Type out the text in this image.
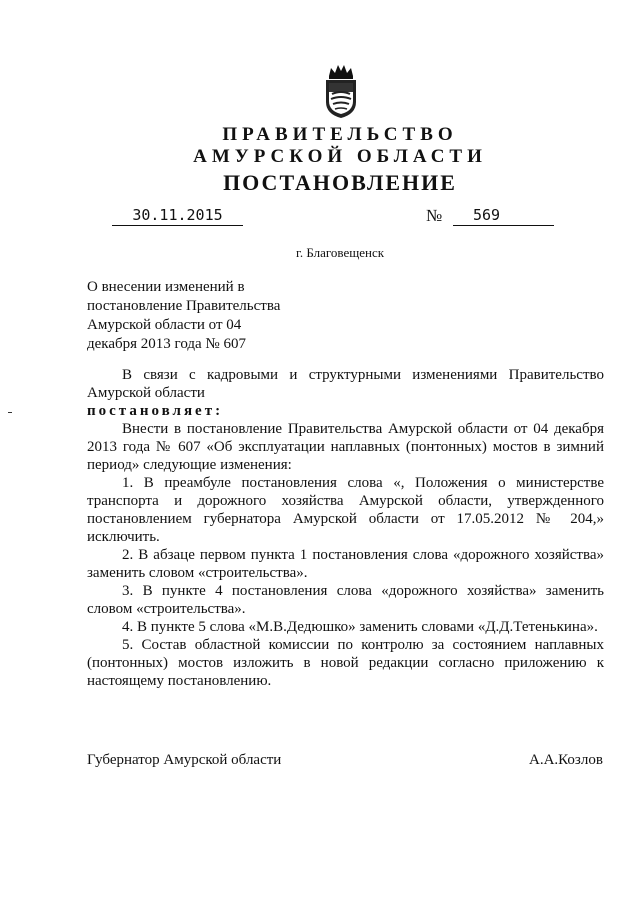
ПРАВИТЕЛЬСТВО
АМУРСКОЙ ОБЛАСТИ
ПОСТАНОВЛЕНИЕ
30.11.2015	№	569
г. Благовещенск
О внесении изменений в
постановление Правительства
Амурской области от 04
декабря 2013 года № 607

В связи с кадровыми и структурными изменениями Правительство Амурской области

постановляет:

Внести в постановление Правительства Амурской области от 04 декабря 2013 года № 607 «Об эксплуатации наплавных (понтонных) мостов в зимний период» следующие изменения:

1. В преамбуле постановления слова «, Положения о министерстве транспорта и дорожного хозяйства Амурской области, утвержденного постановлением губернатора Амурской области от 17.05.2012 № 204,» исключить.

2. В абзаце первом пункта 1 постановления слова «дорожного хозяйства» заменить словом «строительства».

3. В пункте 4 постановления слова «дорожного хозяйства» заменить словом «строительства».

4. В пункте 5 слова «М.В.Дедюшко» заменить словами «Д.Д.Тетенькина».

5. Состав областной комиссии по контролю за состоянием наплавных (понтонных) мостов изложить в новой редакции согласно приложению к настоящему постановлению.

Губернатор Амурской области	А.А.Козлов
